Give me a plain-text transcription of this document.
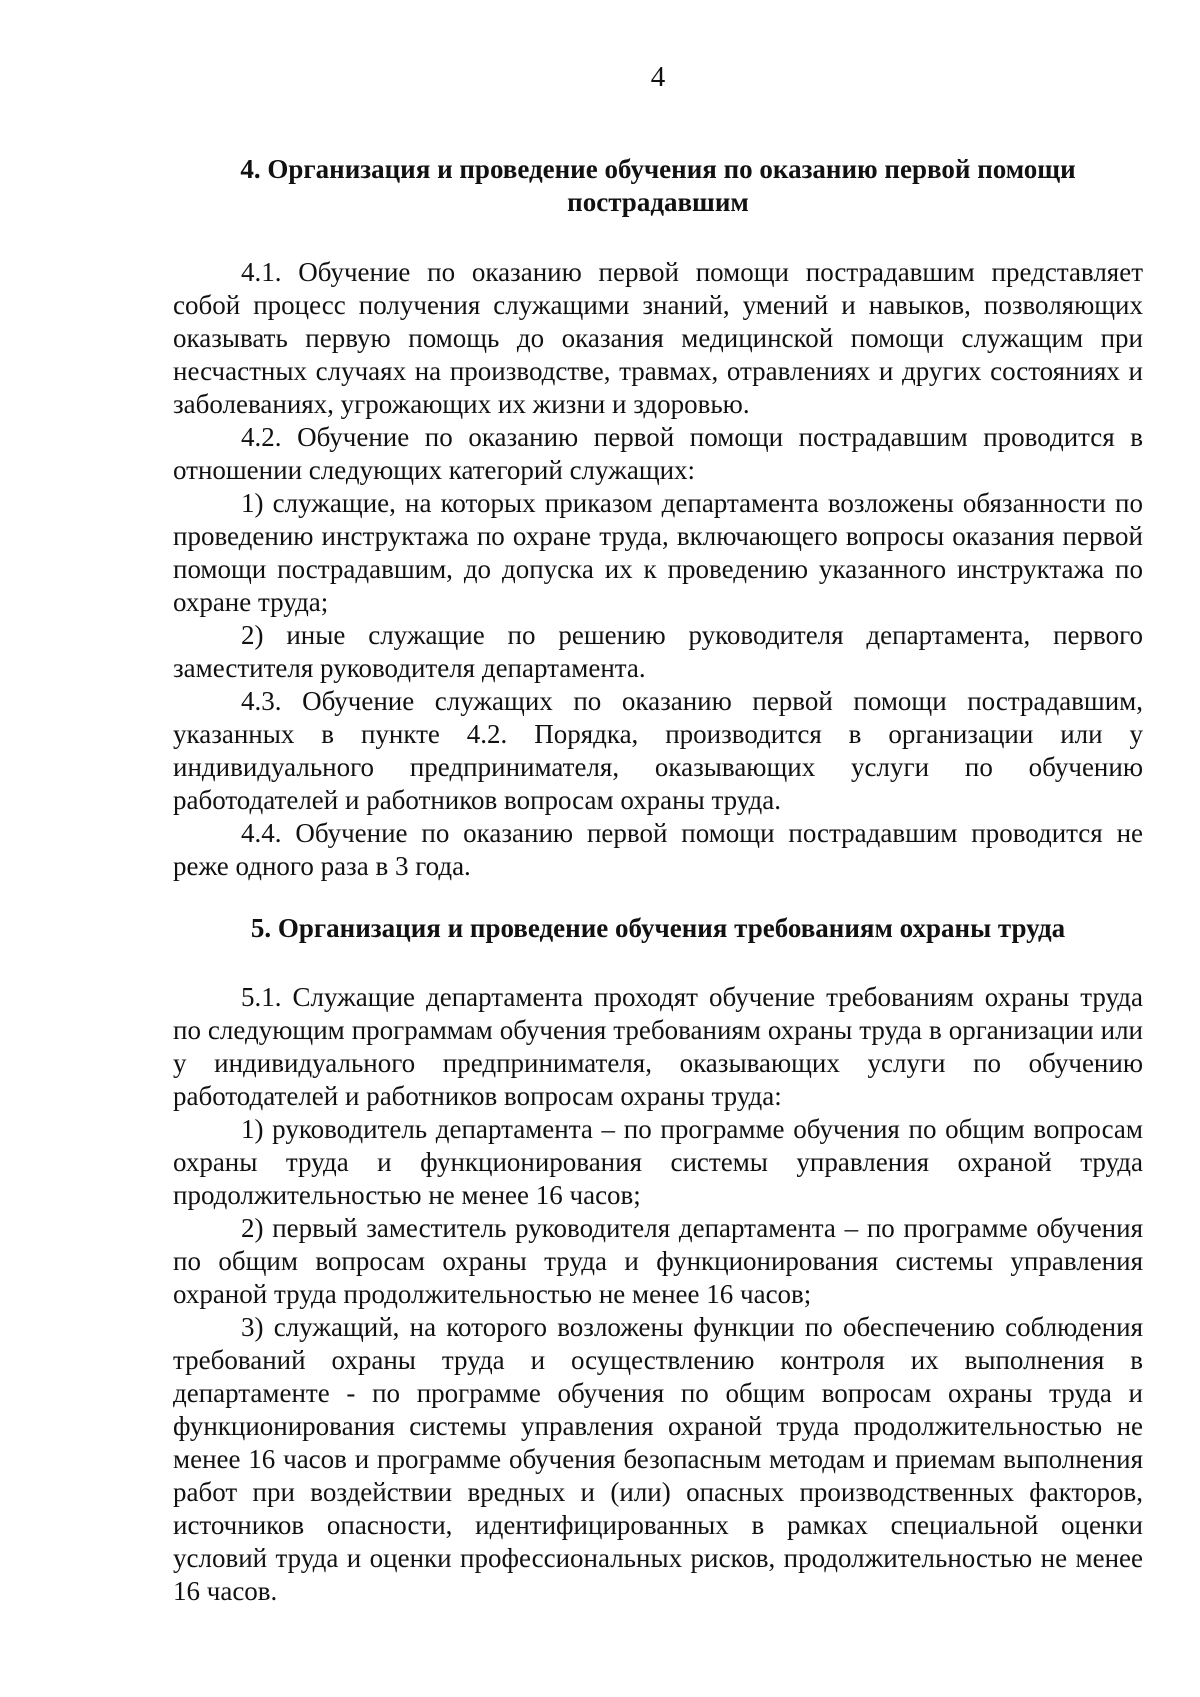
4
4. Организация и проведение обучения по оказанию первой помощи пострадавшим

4.1. Обучение по оказанию первой помощи пострадавшим представляет собой процесс получения служащими знаний, умений и навыков, позволяющих оказывать первую помощь до оказания медицинской помощи служащим при несчастных случаях на производстве, травмах, отравлениях и других состояниях и заболеваниях, угрожающих их жизни и здоровью.

4.2. Обучение по оказанию первой помощи пострадавшим проводится в отношении следующих категорий служащих:

1) служащие, на которых приказом департамента возложены обязанности по проведению инструктажа по охране труда, включающего вопросы оказания первой помощи пострадавшим, до допуска их к проведению указанного инструктажа по охране труда;

2) иные служащие по решению руководителя департамента, первого заместителя руководителя департамента.

4.3. Обучение служащих по оказанию первой помощи пострадавшим, указанных в пункте 4.2. Порядка, производится в организации или у индивидуального предпринимателя, оказывающих услуги по обучению работодателей и работников вопросам охраны труда.

4.4. Обучение по оказанию первой помощи пострадавшим проводится не реже одного раза в 3 года.

5. Организация и проведение обучения требованиям охраны труда

5.1. Служащие департамента проходят обучение требованиям охраны труда по следующим программам обучения требованиям охраны труда в организации или у индивидуального предпринимателя, оказывающих услуги по обучению работодателей и работников вопросам охраны труда:

1) руководитель департамента – по программе обучения по общим вопросам охраны труда и функционирования системы управления охраной труда продолжительностью не менее 16 часов;

2) первый заместитель руководителя департамента – по программе обучения по общим вопросам охраны труда и функционирования системы управления охраной труда продолжительностью не менее 16 часов;

3) служащий, на которого возложены функции по обеспечению соблюдения требований охраны труда и осуществлению контроля их выполнения в департаменте - по программе обучения по общим вопросам охраны труда и функционирования системы управления охраной труда продолжительностью не менее 16 часов и программе обучения безопасным методам и приемам выполнения работ при воздействии вредных и (или) опасных производственных факторов, источников опасности, идентифицированных в рамках специальной оценки условий труда и оценки профессиональных рисков, продолжительностью не менее 16 часов.
